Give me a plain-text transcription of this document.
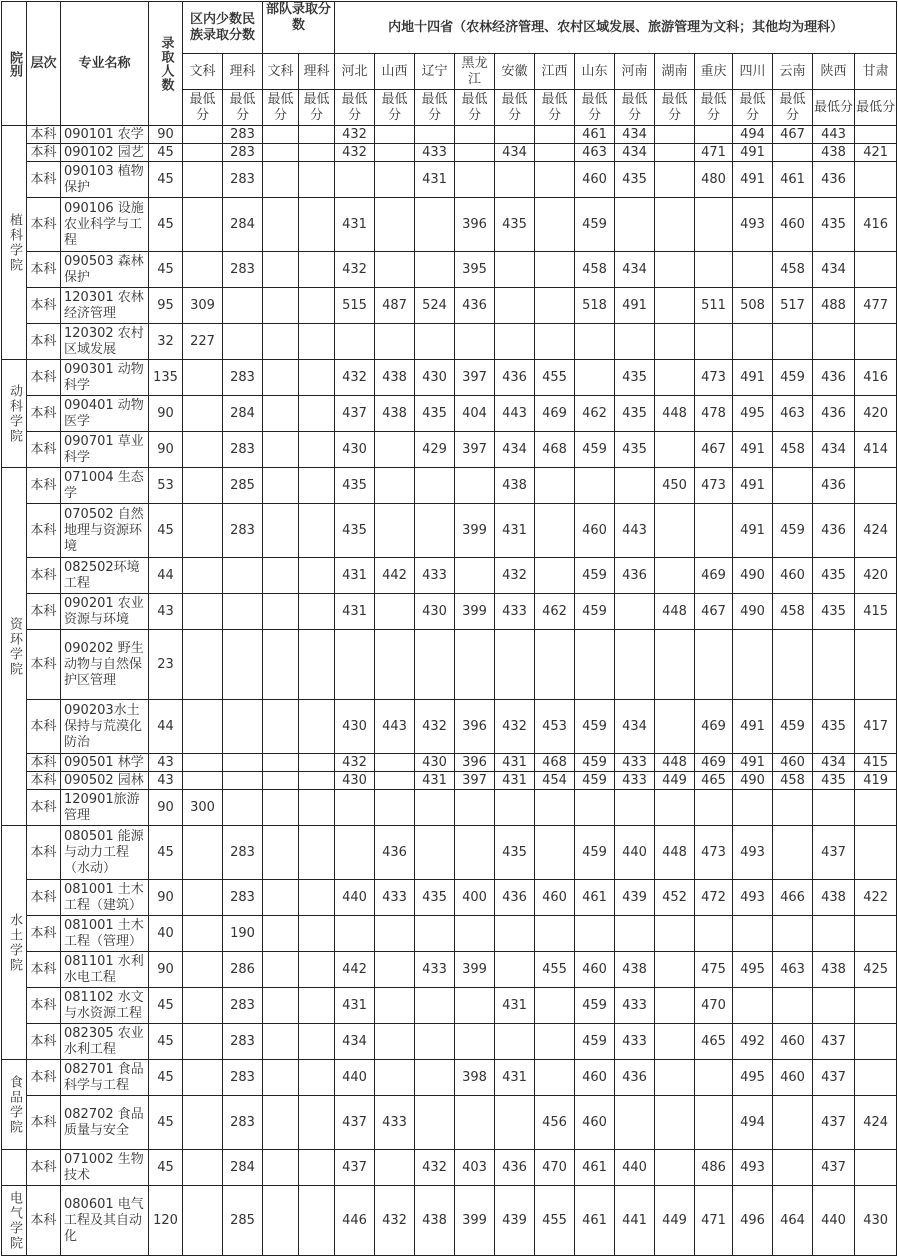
院别	层次	专业名称	录取人数	区内少数民族录取分数		部队录取分数		内地十四省（农林经济管理、农村区域发展、旅游管理为文科；其他均为理科）													
				文科	理科	文科	理科	河北	山西	辽宁	黑龙江	安徽	江西	山东	河南	湖南	重庆	四川	云南	陕西	甘肃
				最低分	最低分	最低分	最低分	最低分	最低分	最低分	最低分	最低分	最低分	最低分	最低分	最低分	最低分	最低分	最低分	最低分	最低分
植科学院	本科	090101 农学	90		283			432						461	434			494	467	443	
	本科	090102 园艺	45		283			432		433		434		463	434		471	491		438	421
	本科	090103 植物保护	45		283					431				460	435		480	491	461	436	
	本科	090106 设施农业科学与工程	45		284			431			396	435		459				493	460	435	416
	本科	090503 森林保护	45		283			432			395			458	434				458	434	
	本科	120301 农林经济管理	95	309				515	487	524	436			518	491		511	508	517	488	477
	本科	120302 农村区域发展	32	227																	
动科学院	本科	090301 动物科学	135		283			432	438	430	397	436	455		435		473	491	459	436	416
	本科	090401 动物医学	90		284			437	438	435	404	443	469	462	435	448	478	495	463	436	420
	本科	090701 草业科学	90		283			430		429	397	434	468	459	435		467	491	458	434	414
资环学院	本科	071004 生态学	53		285			435				438				450	473	491		436	
	本科	070502 自然地理与资源环境	45		283			435			399	431		460	443			491	459	436	424
	本科	082502环境工程	44					431	442	433		432		459	436		469	490	460	435	420
	本科	090201 农业资源与环境	43					431		430	399	433	462	459		448	467	490	458	435	415
	本科	090202 野生动物与自然保护区管理	23																		
	本科	090203水土保持与荒漠化防治	44					430	443	432	396	432	453	459	434		469	491	459	435	417
	本科	090501 林学	43					432		430	396	431	468	459	433	448	469	491	460	434	415
	本科	090502 园林	43					430		431	397	431	454	459	433	449	465	490	458	435	419
	本科	120901旅游管理	90	300																	
水土学院	本科	080501 能源与动力工程（水动）	45		283				436			435		459	440	448	473	493		437	
	本科	081001 土木工程（建筑）	90		283			440	433	435	400	436	460	461	439	452	472	493	466	438	422
	本科	081001 土木工程（管理）	40		190																
	本科	081101 水利水电工程	90		286			442		433	399		455	460	438		475	495	463	438	425
	本科	081102 水文与水资源工程	45		283			431				431		459	433		470				
	本科	082305 农业水利工程	45		283			434						459	433		465	492	460	437	
食品学院	本科	082701 食品科学与工程	45		283			440			398	431		460	436			495	460	437	
	本科	082702 食品质量与安全	45		283			437	433				456	460				494		437	424
	本科	071002 生物技术	45		284			437		432	403	436	470	461	440		486	493		437	
电气学院	本科	080601 电气工程及其自动化	120		285			446	432	438	399	439	455	461	441	449	471	496	464	440	430
